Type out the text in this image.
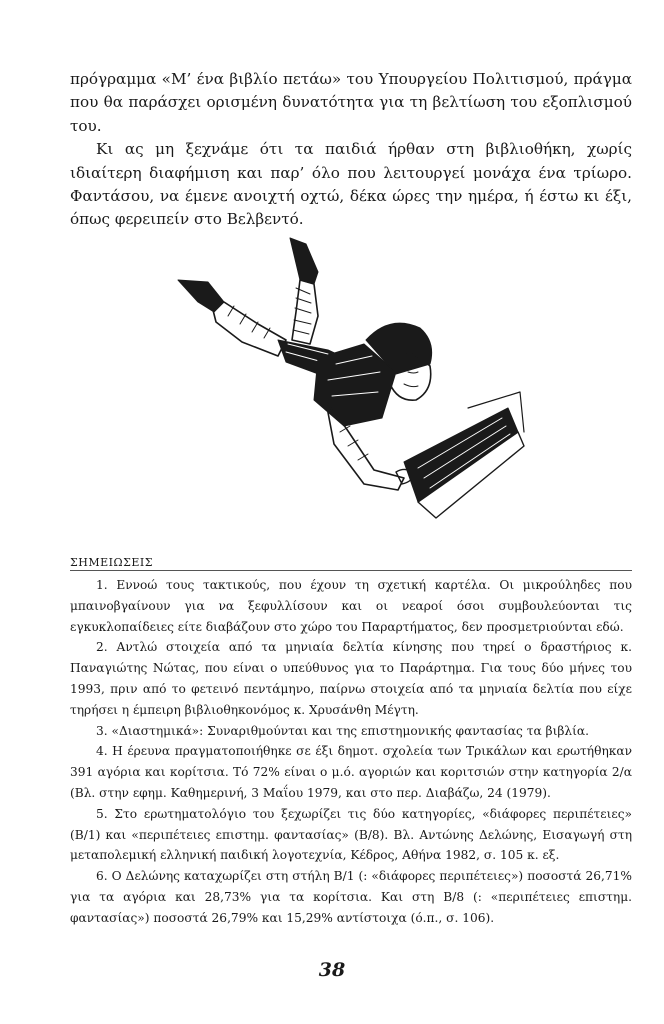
πρόγραμμα «Μ’ ένα βιβλίο πετάω» του Υπουργείου Πολιτισμού, πράγμα που θα παράσχει ορισμένη δυνατότητα για τη βελτίωση του εξοπλισμού του.

Κι ας μη ξεχνάμε ότι τα παιδιά ήρθαν στη βιβλιοθήκη, χωρίς ιδιαίτερη διαφήμιση και παρ’ όλο που λειτουργεί μονάχα ένα τρίωρο. Φαντάσου, να έμενε ανοιχτή οχτώ, δέκα ώρες την ημέρα, ή έστω κι έξι, όπως φερειπείν στο Βελβεντό.

ΣΗΜΕΙΩΣΕΙΣ

1. Εννοώ τους τακτικούς, που έχουν τη σχετική καρτέλα. Οι μικρούληδες που μπαινοβγαίνουν για να ξεφυλλίσουν και οι νεαροί όσοι συμβουλεύονται τις εγκυκλοπαίδειες είτε διαβάζουν στο χώρο του Παραρτήματος, δεν προσμετριούνται εδώ.

2. Αντλώ στοιχεία από τα μηνιαία δελτία κίνησης που τηρεί ο δραστήριος κ. Παναγιώτης Νώτας, που είναι ο υπεύθυνος για το Παράρτημα. Για τους δύο μήνες του 1993, πριν από το φετεινό πεντάμηνο, παίρνω στοιχεία από τα μηνιαία δελτία που είχε τηρήσει η έμπειρη βιβλιοθηκονόμος κ. Χρυσάνθη Μέγτη.

3. «Διαστημικά»: Συναριθμούνται και της επιστημονικής φαντασίας τα βιβλία.

4. Η έρευνα πραγματοποιήθηκε σε έξι δημοτ. σχολεία των Τρικάλων και ερωτήθηκαν 391 αγόρια και κορίτσια. Τό 72% είναι ο μ.ό. αγοριών και κοριτσιών στην κατηγορία 2/α (Βλ. στην εφημ. Καθημερινή, 3 Μαΐου 1979, και στο περ. Διαβάζω, 24 (1979).

5. Στο ερωτηματολόγιο του ξεχωρίζει τις δύο κατηγορίες, «διάφορες περιπέτειες» (Β/1) και «περιπέτειες επιστημ. φαντασίας» (Β/8). Βλ. Αντώνης Δελώνης, Εισαγωγή στη μεταπολεμική ελληνική παιδική λογοτεχνία, Κέδρος, Αθήνα 1982, σ. 105 κ. εξ.

6. Ο Δελώνης καταχωρίζει στη στήλη Β/1 (: «διάφορες περιπέτειες») ποσοστά 26,71% για τα αγόρια και 28,73% για τα κορίτσια. Και στη Β/8 (: «περιπέτειες επιστημ. φαντασίας») ποσοστά 26,79% και 15,29% αντίστοιχα (ό.π., σ. 106).

38
